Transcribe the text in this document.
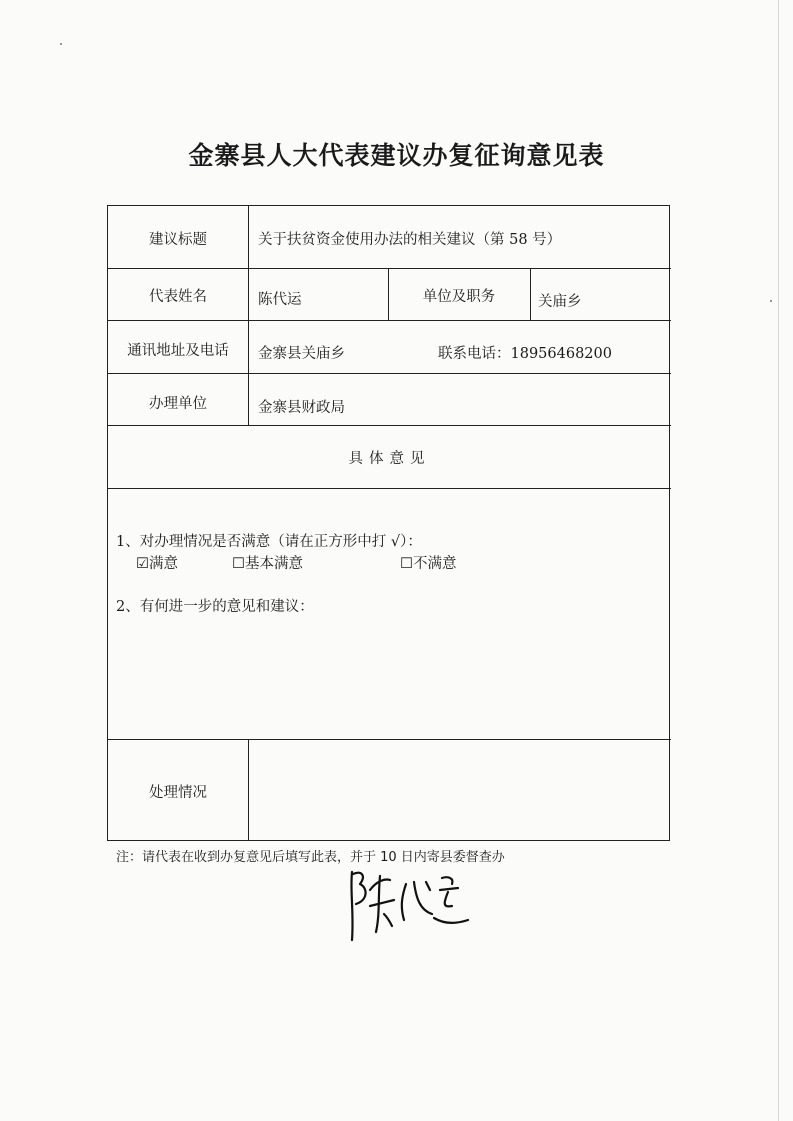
金寨县人大代表建议办复征询意见表
建议标题	关于扶贫资金使用办法的相关建议（第 58 号）
代表姓名	陈代运	单位及职务	关庙乡
通讯地址及电话	金寨县关庙乡	联系电话：18956468200
办理单位	金寨县财政局
具体意见
1、对办理情况是否满意（请在正方形中打 √）：
☑满意	☐基本满意	☐不满意
2、有何进一步的意见和建议：
处理情况
注：请代表在收到办复意见后填写此表，并于 10 日内寄县委督查办
